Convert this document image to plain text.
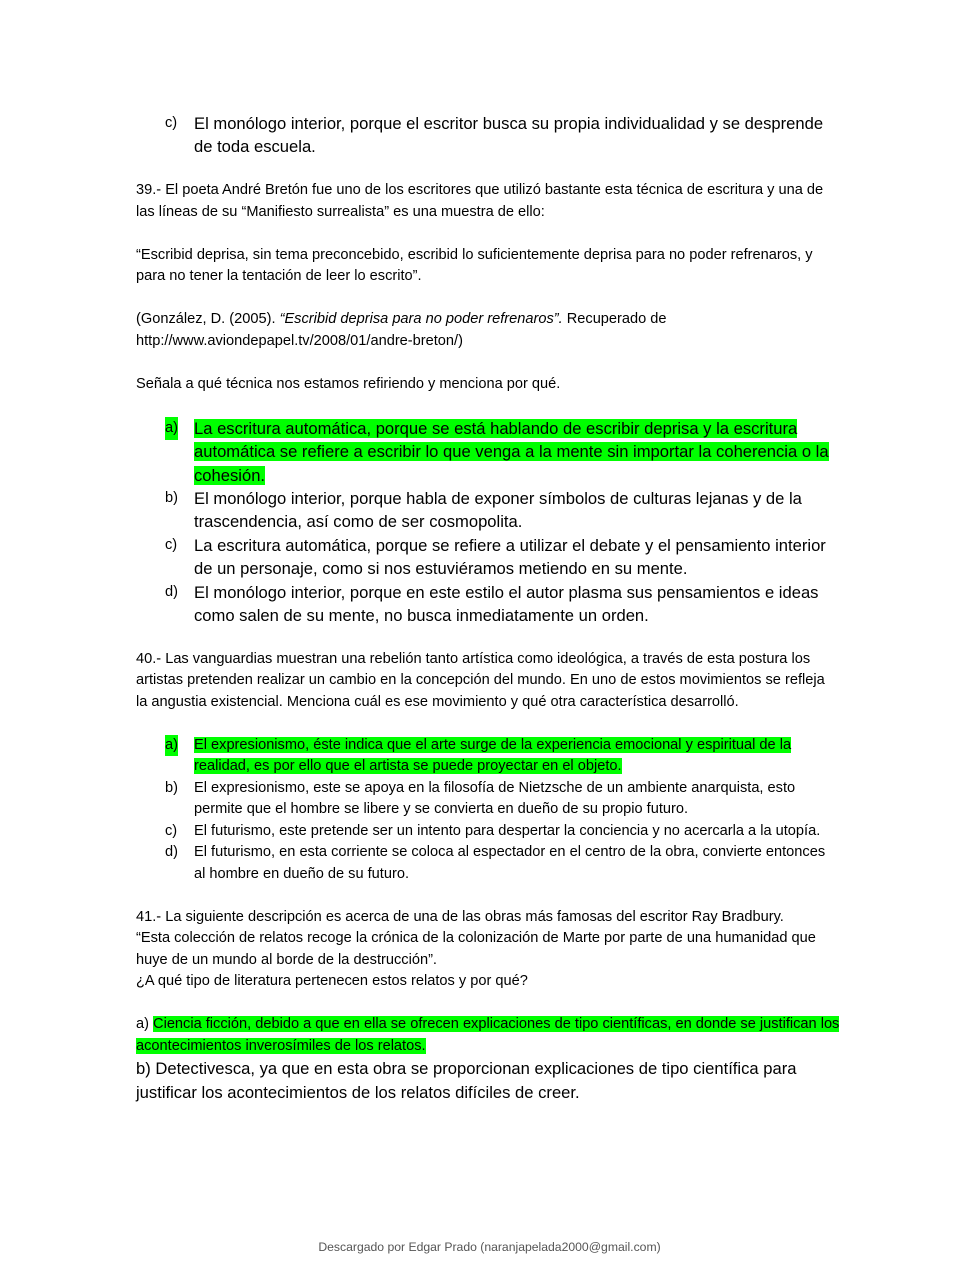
c) El monólogo interior, porque el escritor busca su propia individualidad y se desprende de toda escuela.

39.- El poeta André Bretón fue uno de los escritores que utilizó bastante esta técnica de escritura y una de las líneas de su “Manifiesto surrealista” es una muestra de ello:

“Escribid deprisa, sin tema preconcebido, escribid lo suficientemente deprisa para no poder refrenaros, y para no tener la tentación de leer lo escrito”.

(González, D. (2005). “Escribid deprisa para no poder refrenaros”. Recuperado de http://www.aviondepapel.tv/2008/01/andre-breton/)

Señala a qué técnica nos estamos refiriendo y menciona por qué.

a) La escritura automática, porque se está hablando de escribir deprisa y la escritura automática se refiere a escribir lo que venga a la mente sin importar la coherencia o la cohesión.
b) El monólogo interior, porque habla de exponer símbolos de culturas lejanas y de la trascendencia, así como de ser cosmopolita.
c) La escritura automática, porque se refiere a utilizar el debate y el pensamiento interior de un personaje, como si nos estuviéramos metiendo en su mente.
d) El monólogo interior, porque en este estilo el autor plasma sus pensamientos e ideas como salen de su mente, no busca inmediatamente un orden.

40.- Las vanguardias muestran una rebelión tanto artística como ideológica, a través de esta postura los artistas pretenden realizar un cambio en la concepción del mundo. En uno de estos movimientos se refleja la angustia existencial. Menciona cuál es ese movimiento y qué otra característica desarrolló.

a) El expresionismo, éste indica que el arte surge de la experiencia emocional y espiritual de la realidad, es por ello que el artista se puede proyectar en el objeto.
b) El expresionismo, este se apoya en la filosofía de Nietzsche de un ambiente anarquista, esto permite que el hombre se libere y se convierta en dueño de su propio futuro.
c) El futurismo, este pretende ser un intento para despertar la conciencia y no acercarla a la utopía.
d) El futurismo, en esta corriente se coloca al espectador en el centro de la obra, convierte entonces al hombre en dueño de su futuro.

41.- La siguiente descripción es acerca de una de las obras más famosas del escritor Ray Bradbury.

“Esta colección de relatos recoge la crónica de la colonización de Marte por parte de una humanidad que huye de un mundo al borde de la destrucción”.

¿A qué tipo de literatura pertenecen estos relatos y por qué?

a) Ciencia ficción, debido a que en ella se ofrecen explicaciones de tipo científicas, en donde se justifican los acontecimientos inverosímiles de los relatos.

b) Detectivesca, ya que en esta obra se proporcionan explicaciones de tipo científica para justificar los acontecimientos de los relatos difíciles de creer.

Descargado por Edgar Prado (naranjapelada2000@gmail.com)
